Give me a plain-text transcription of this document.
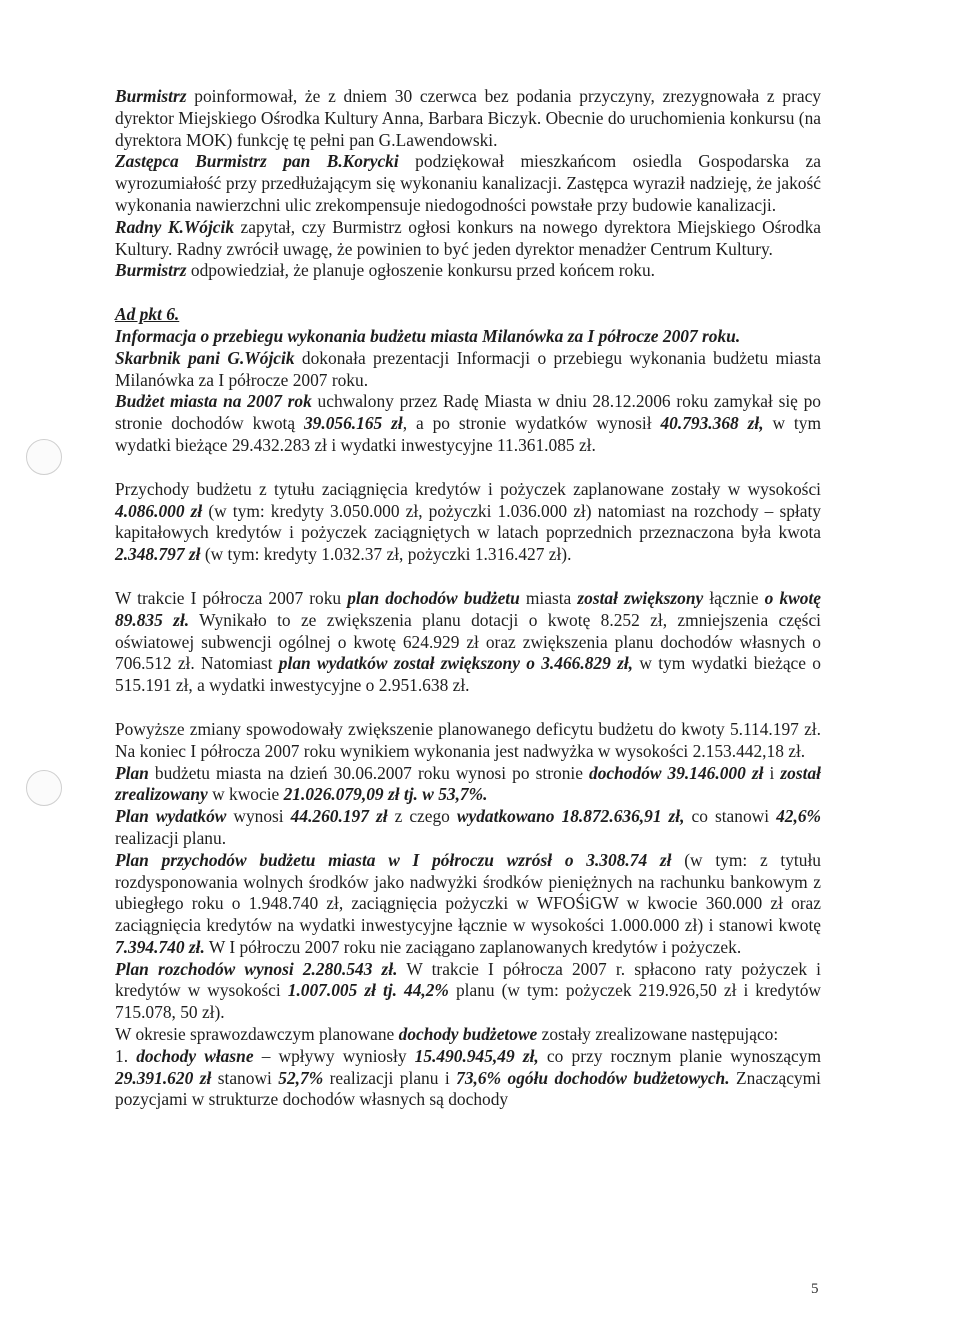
Burmistrz poinformował, że z dniem 30 czerwca bez podania przyczyny, zrezygnowała z pracy dyrektor Miejskiego Ośrodka Kultury Anna, Barbara Biczyk. Obecnie do uruchomienia konkursu (na dyrektora MOK) funkcję tę pełni pan G.Lawendowski.

Zastępca Burmistrz pan B.Korycki podziękował mieszkańcom osiedla Gospodarska za wyrozumiałość przy przedłużającym się wykonaniu kanalizacji. Zastępca wyraził nadzieję, że jakość wykonania nawierzchni ulic zrekompensuje niedogodności powstałe przy budowie kanalizacji.

Radny K.Wójcik zapytał, czy Burmistrz ogłosi konkurs na nowego dyrektora Miejskiego Ośrodka Kultury. Radny zwrócił uwagę, że powinien to być jeden dyrektor menadżer Centrum Kultury.

Burmistrz odpowiedział, że planuje ogłoszenie konkursu przed końcem roku.

Ad pkt 6.

Informacja o przebiegu wykonania budżetu miasta Milanówka za I półrocze 2007 roku.

Skarbnik pani G.Wójcik dokonała prezentacji Informacji o przebiegu wykonania budżetu miasta Milanówka za I półrocze 2007 roku.

Budżet miasta na 2007 rok uchwalony przez Radę Miasta w dniu 28.12.2006 roku zamykał się po stronie dochodów kwotą 39.056.165 zł, a po stronie wydatków wynosił 40.793.368 zł, w tym wydatki bieżące 29.432.283 zł i wydatki inwestycyjne 11.361.085 zł.

Przychody budżetu z tytułu zaciągnięcia kredytów i pożyczek zaplanowane zostały w wysokości 4.086.000 zł (w tym: kredyty 3.050.000 zł, pożyczki 1.036.000 zł) natomiast na rozchody – spłaty kapitałowych kredytów i pożyczek zaciągniętych w latach poprzednich przeznaczona była kwota 2.348.797 zł (w tym: kredyty 1.032.37 zł, pożyczki 1.316.427 zł).

W trakcie I półrocza 2007 roku plan dochodów budżetu miasta został zwiększony łącznie o kwotę 89.835 zł. Wynikało to ze zwiększenia planu dotacji o kwotę 8.252 zł, zmniejszenia części oświatowej subwencji ogólnej o kwotę 624.929 zł oraz zwiększenia planu dochodów własnych o 706.512 zł. Natomiast plan wydatków został zwiększony o 3.466.829 zł, w tym wydatki bieżące o 515.191 zł, a wydatki inwestycyjne o 2.951.638 zł.

Powyższe zmiany spowodowały zwiększenie planowanego deficytu budżetu do kwoty 5.114.197 zł. Na koniec I półrocza 2007 roku wynikiem wykonania jest nadwyżka w wysokości 2.153.442,18 zł.

Plan budżetu miasta na dzień 30.06.2007 roku wynosi po stronie dochodów 39.146.000 zł i został zrealizowany w kwocie 21.026.079,09 zł tj. w 53,7%.

Plan wydatków wynosi 44.260.197 zł z czego wydatkowano 18.872.636,91 zł, co stanowi 42,6% realizacji planu.

Plan przychodów budżetu miasta w I półroczu wzrósł o 3.308.74 zł (w tym: z tytułu rozdysponowania wolnych środków jako nadwyżki środków pieniężnych na rachunku bankowym z ubiegłego roku o 1.948.740 zł, zaciągnięcia pożyczki w WFOŚiGW w kwocie 360.000 zł oraz zaciągnięcia kredytów na wydatki inwestycyjne łącznie w wysokości 1.000.000 zł) i stanowi kwotę 7.394.740 zł. W I półroczu 2007 roku nie zaciągano zaplanowanych kredytów i pożyczek.

Plan rozchodów wynosi 2.280.543 zł. W trakcie I półrocza 2007 r. spłacono raty pożyczek i kredytów w wysokości 1.007.005 zł tj. 44,2% planu (w tym: pożyczek 219.926,50 zł i kredytów 715.078, 50 zł).

W okresie sprawozdawczym planowane dochody budżetowe zostały zrealizowane następująco:

1. dochody własne – wpływy wyniosły 15.490.945,49 zł, co przy rocznym planie wynoszącym 29.391.620 zł stanowi 52,7% realizacji planu i 73,6% ogółu dochodów budżetowych. Znaczącymi pozycjami w strukturze dochodów własnych są dochody

5
